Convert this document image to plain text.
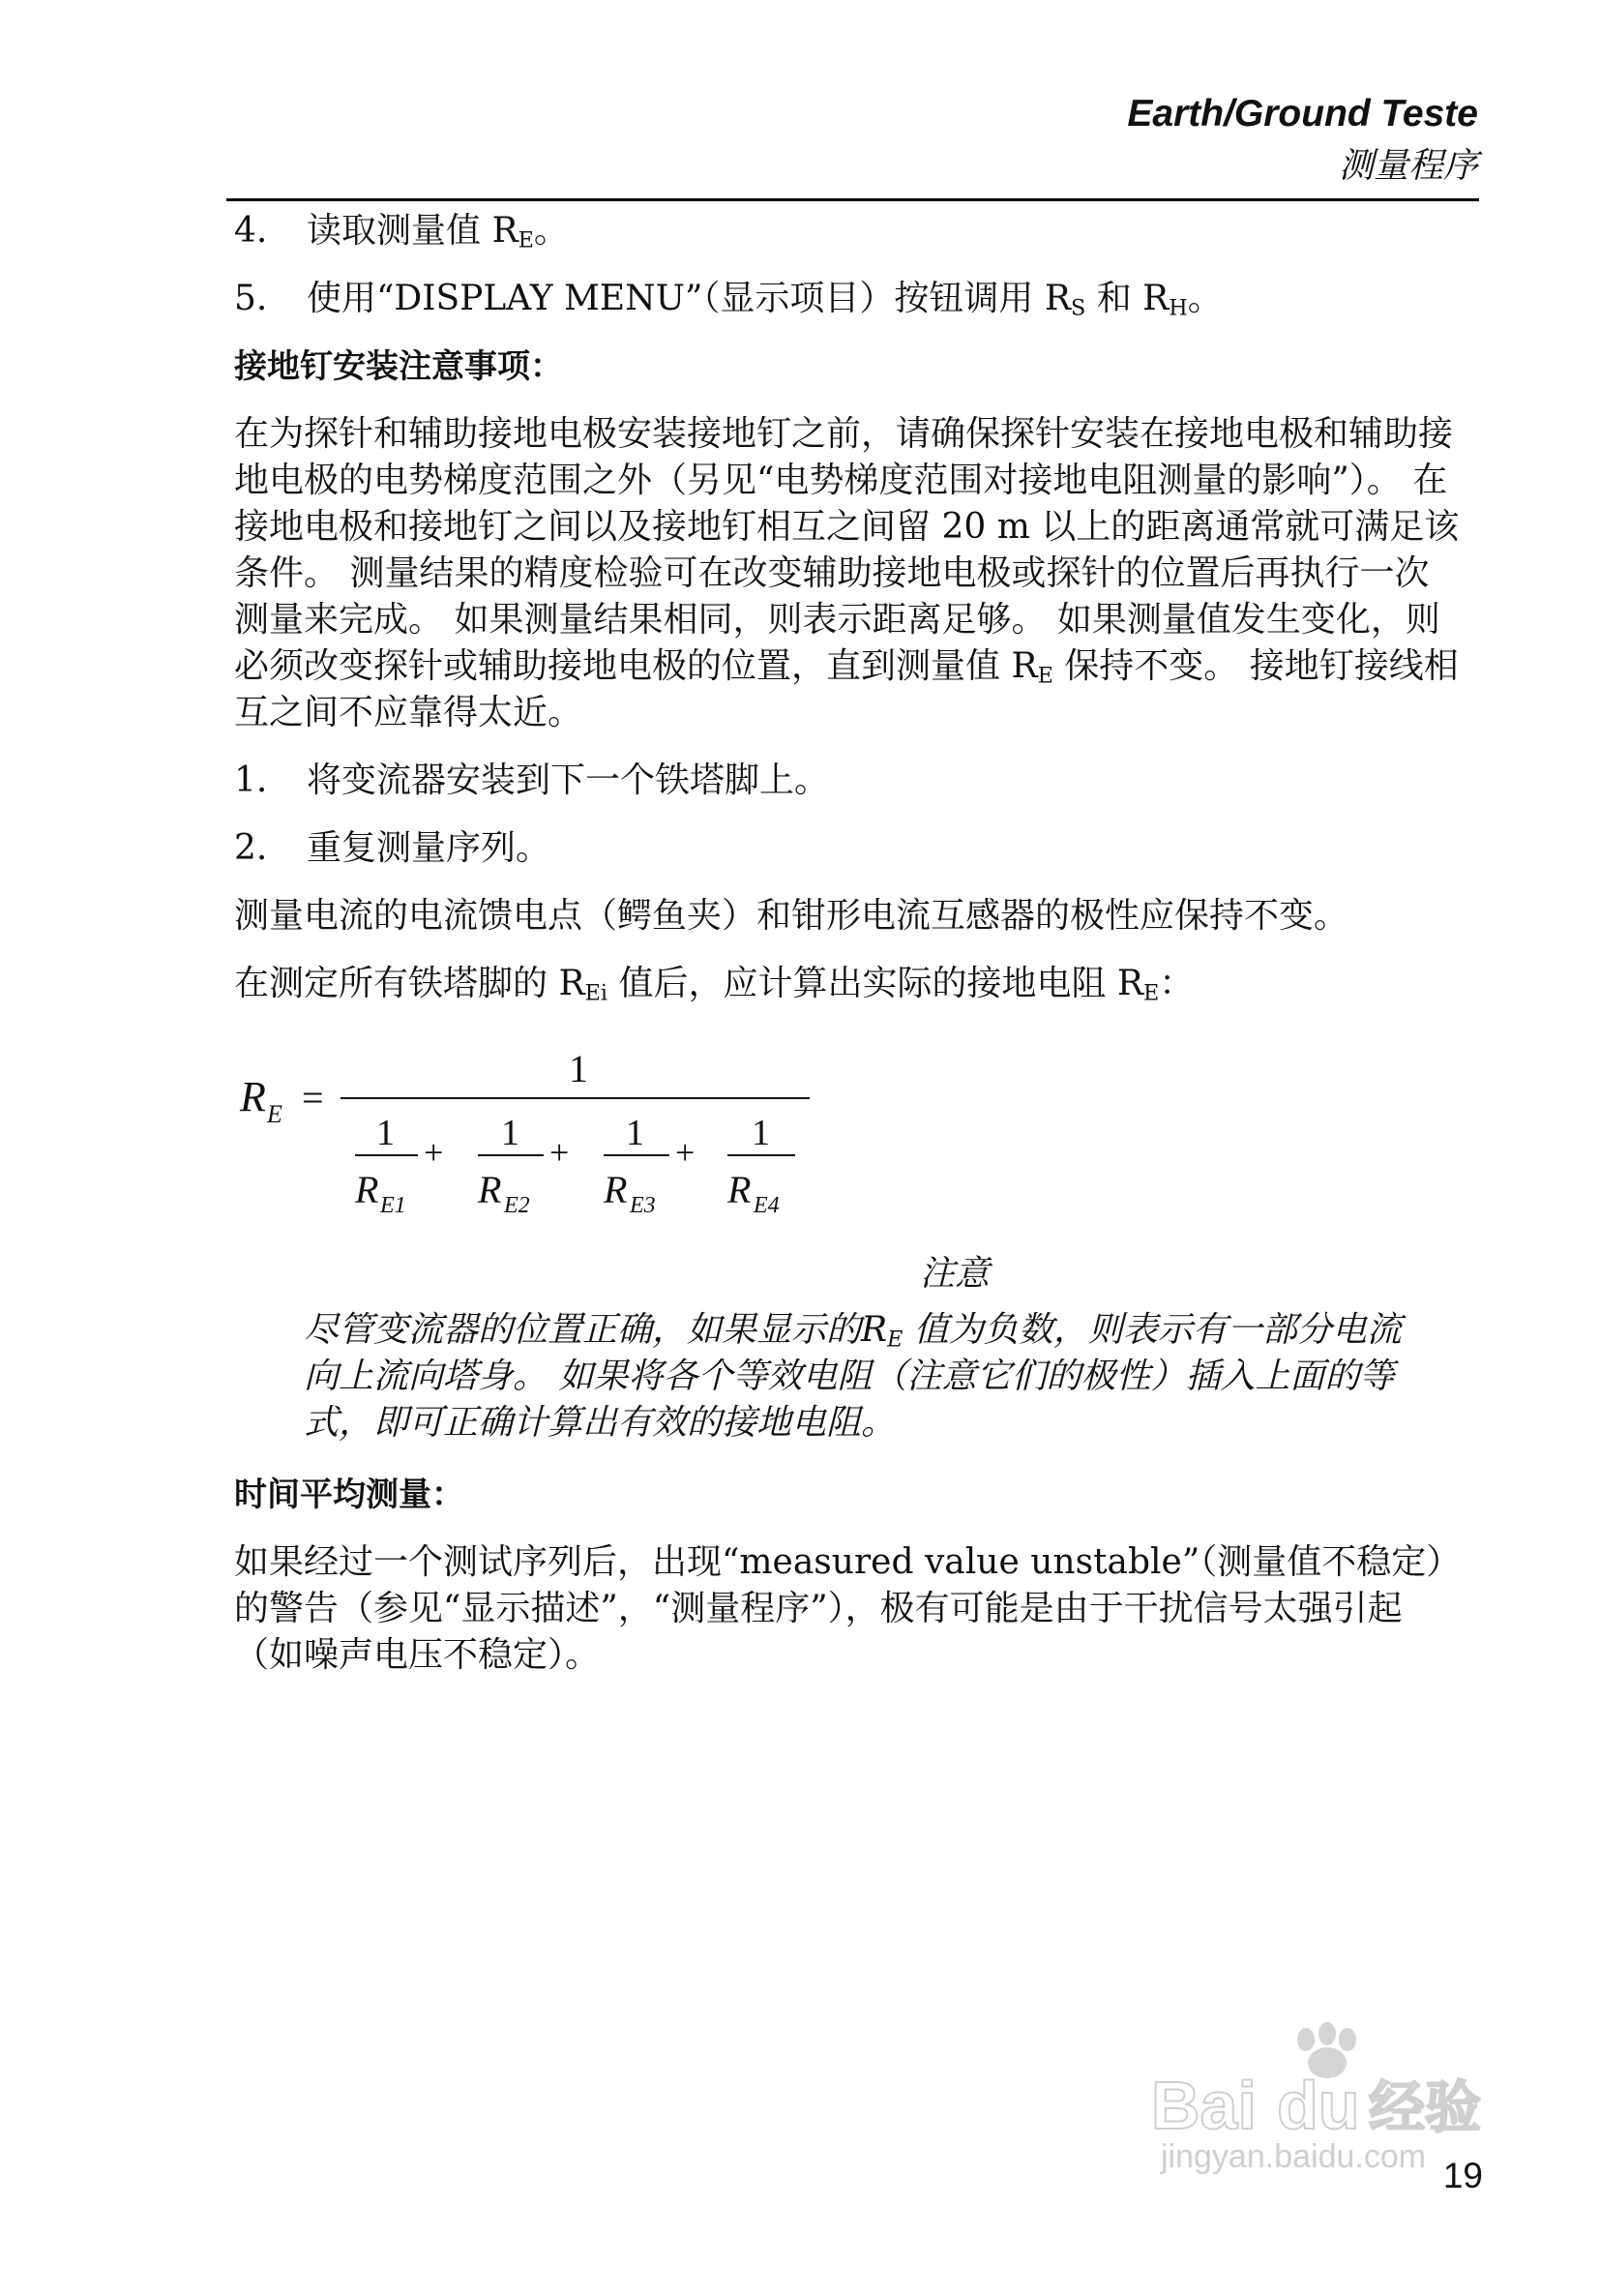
Earth/Ground Teste
测量程序

4. 读取测量值 $R_E$。

5. 使用“DISPLAY MENU”（显示项目）按钮调用 $R_S$ 和 $R_H$。

接地钉安装注意事项：

在为探针和辅助接地电极安装接地钉之前，请确保探针安装在接地电极和辅助接地电极的电势梯度范围之外（另见“电势梯度范围对接地电阻测量的影响”）。 在接地电极和接地钉之间以及接地钉相互之间留 20 m 以上的距离通常就可满足该条件。 测量结果的精度检验可在改变辅助接地电极或探针的位置后再执行一次测量来完成。 如果测量结果相同，则表示距离足够。 如果测量值发生变化，则必须改变探针或辅助接地电极的位置，直到测量值 $R_E$ 保持不变。 接地钉接线相互之间不应靠得太近。

1. 将变流器安装到下一个铁塔脚上。

2. 重复测量序列。

测量电流的电流馈电点（鳄鱼夹）和钳形电流互感器的极性应保持不变。

在测定所有铁塔脚的 $R_{Ei}$ 值后，应计算出实际的接地电阻 $R_E$：

R E =
1
1
R E1
+ 1
R E2
+ 1
R E3
+ 1
R E4
注意

尽管变流器的位置正确，如果显示的$R_E$ 值为负数，则表示有一部分电流向上流向塔身。 如果将各个等效电阻（注意它们的极性）插入上面的等式，即可正确计算出有效的接地电阻。

时间平均测量：

如果经过一个测试序列后，出现“measured value unstable”（测量值不稳定）的警告（参见“显示描述”，“测量程序”），极有可能是由于干扰信号太强引起（如噪声电压不稳定）。

Bai du 经验
jingyan.baidu.com 19
